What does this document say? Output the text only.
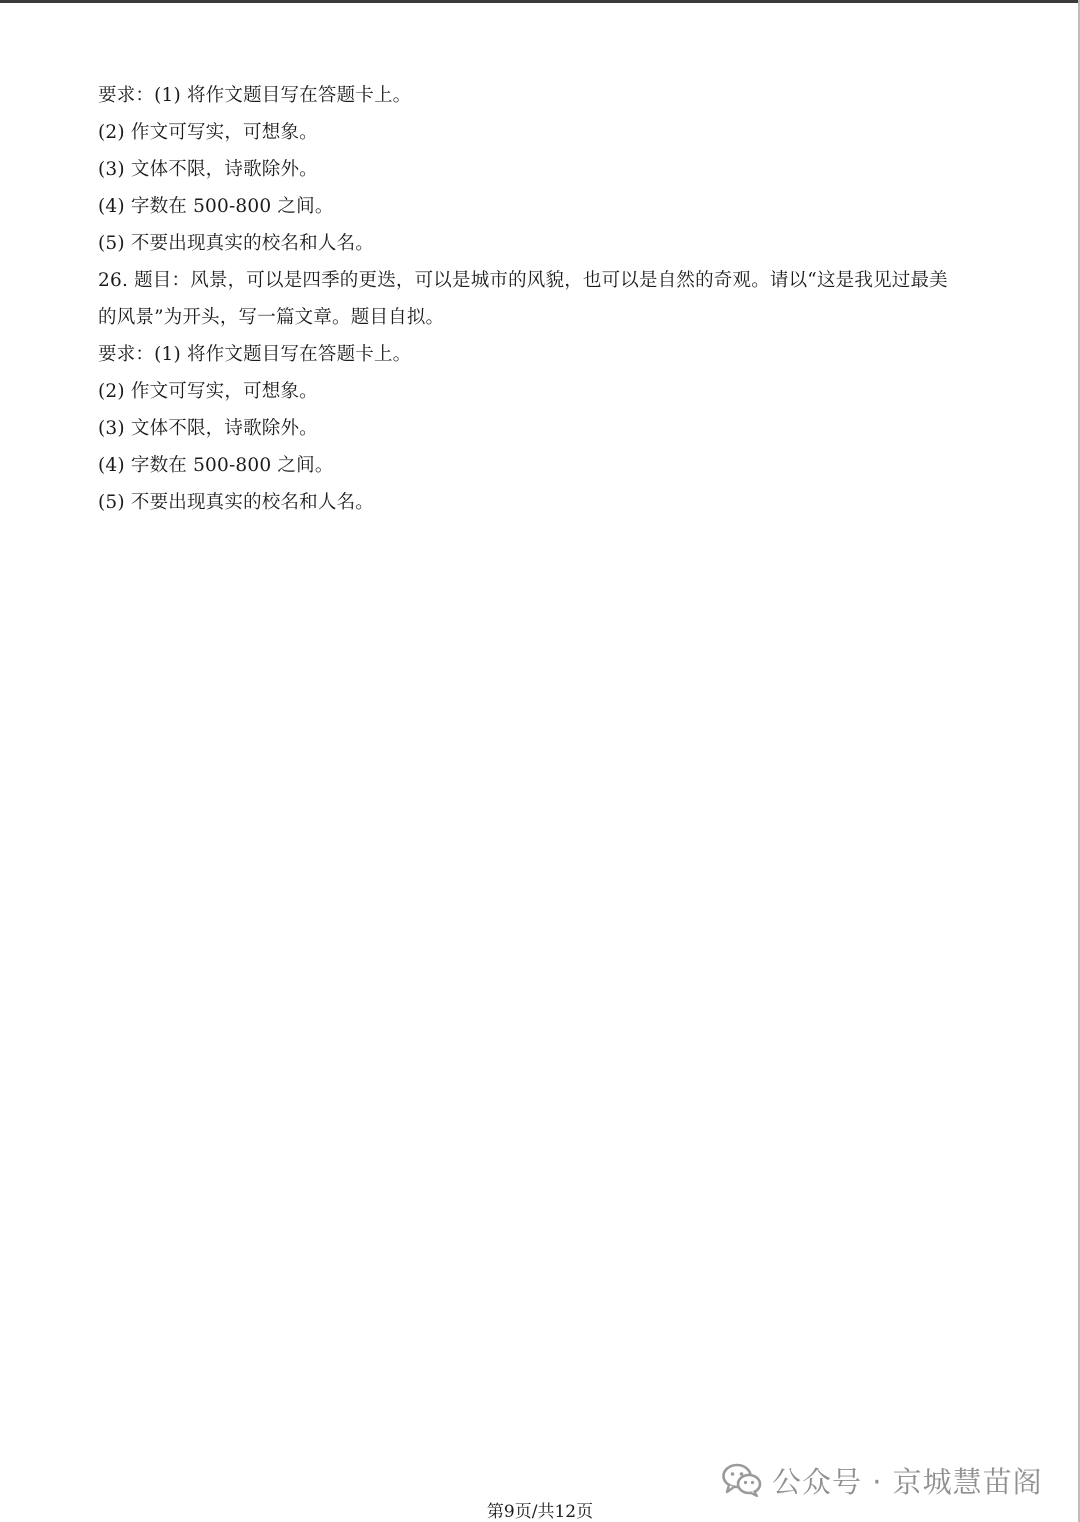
要求：(1) 将作文题目写在答题卡上。
(2) 作文可写实，可想象。
(3) 文体不限，诗歌除外。
(4) 字数在 500-800 之间。
(5) 不要出现真实的校名和人名。
26. 题目：风景，可以是四季的更迭，可以是城市的风貌，也可以是自然的奇观。请以“这是我见过最美
的风景”为开头，写一篇文章。题目自拟。
要求：(1) 将作文题目写在答题卡上。
(2) 作文可写实，可想象。
(3) 文体不限，诗歌除外。
(4) 字数在 500-800 之间。
(5) 不要出现真实的校名和人名。
公众号 · 京城慧苗阁
第9页/共12页
